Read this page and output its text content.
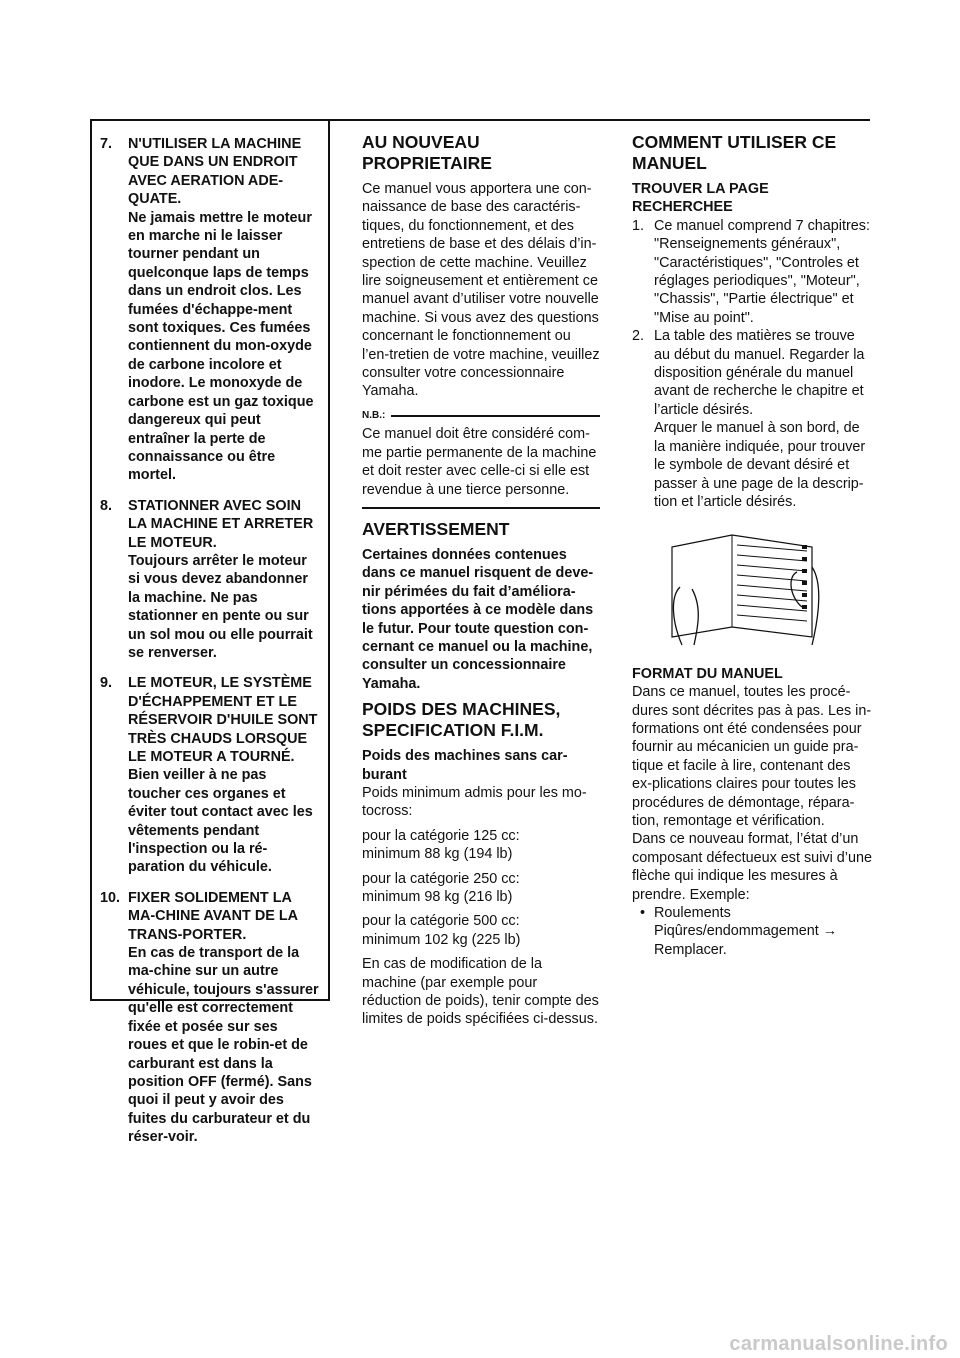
7.	N'UTILISER LA MACHINE QUE DANS UN ENDROIT AVEC AERATION ADE-QUATE.
Ne jamais mettre le moteur en marche ni le laisser tourner pendant un quelconque laps de temps dans un endroit clos. Les fumées d'échappe-ment sont toxiques. Ces fumées contiennent du mon-oxyde de carbone incolore et inodore. Le monoxyde de carbone est un gaz toxique dangereux qui peut entraîner la perte de connaissance ou être mortel.
8.	STATIONNER AVEC SOIN LA MACHINE ET ARRETER LE MOTEUR.
Toujours arrêter le moteur si vous devez abandonner la machine. Ne pas stationner en pente ou sur un sol mou ou elle pourrait se renverser.
9.	LE MOTEUR, LE SYSTÈME D'ÉCHAPPEMENT ET LE RÉSERVOIR D'HUILE SONT TRÈS CHAUDS LORSQUE LE MOTEUR A TOURNÉ.
Bien veiller à ne pas toucher ces organes et éviter tout contact avec les vêtements pendant l'inspection ou la ré-paration du véhicule.
10. FIXER SOLIDEMENT LA MA-CHINE AVANT DE LA TRANS-PORTER.
En cas de transport de la ma-chine sur un autre véhicule, toujours s'assurer qu'elle est correctement fixée et posée sur ses roues et que le robin-et de carburant est dans la position OFF (fermé). Sans quoi il peut y avoir des fuites du carburateur et du réser-voir.
AU NOUVEAU PROPRIETAIRE

Ce manuel vous apportera une con-naissance de base des caractéris-tiques, du fonctionnement, et des entretiens de base et des délais d’in-spection de cette machine. Veuillez lire soigneusement et entièrement ce manuel avant d’utiliser votre nouvelle machine. Si vous avez des questions concernant le fonctionnement ou l’en-tretien de votre machine, veuillez consulter votre concessionnaire Yamaha.

N.B.:
Ce manuel doit être considéré com-me partie permanente de la machine et doit rester avec celle-ci si elle est revendue à une tierce personne.
AVERTISSEMENT

Certaines données contenues dans ce manuel risquent de deve-nir périmées du fait d’améliora-tions apportées à ce modèle dans le futur. Pour toute question con-cernant ce manuel ou la machine, consulter un concessionnaire Yamaha.

POIDS DES MACHINES, SPECIFICATION F.I.M.
Poids des machines sans car-burant

Poids minimum admis pour les mo-tocross:

pour la catégorie 125 cc:
minimum 88 kg (194 lb)

pour la catégorie 250 cc:
minimum 98 kg (216 lb)

pour la catégorie 500 cc:
minimum 102 kg (225 lb)

En cas de modification de la machine (par exemple pour réduction de poids), tenir compte des limites de poids spécifiées ci-dessus.

COMMENT UTILISER CE MANUEL
TROUVER LA PAGE RECHERCHEE
1. Ce manuel comprend 7 chapitres: "Renseignements généraux", "Caractéristiques", "Controles et réglages periodiques", "Moteur", "Chassis", "Partie électrique" et "Mise au point".
2. La table des matières se trouve au début du manuel. Regarder la disposition générale du manuel avant de recherche le chapitre et l’article désirés.
Arquer le manuel à son bord, de la manière indiquée, pour trouver le symbole de devant désiré et passer à une page de la descrip-tion et l’article désirés.
FORMAT DU MANUEL
Dans ce manuel, toutes les procé-dures sont décrites pas à pas. Les in-formations ont été condensées pour fournir au mécanicien un guide pra-tique et facile à lire, contenant des ex-plications claires pour toutes les procédures de démontage, répara-tion, remontage et vérification.
Dans ce nouveau format, l’état d’un composant défectueux est suivi d’une flèche qui indique les mesures à prendre. Exemple:
• Roulements
Piqûres/endommagement →
Remplacer.
carmanualsonline.info
